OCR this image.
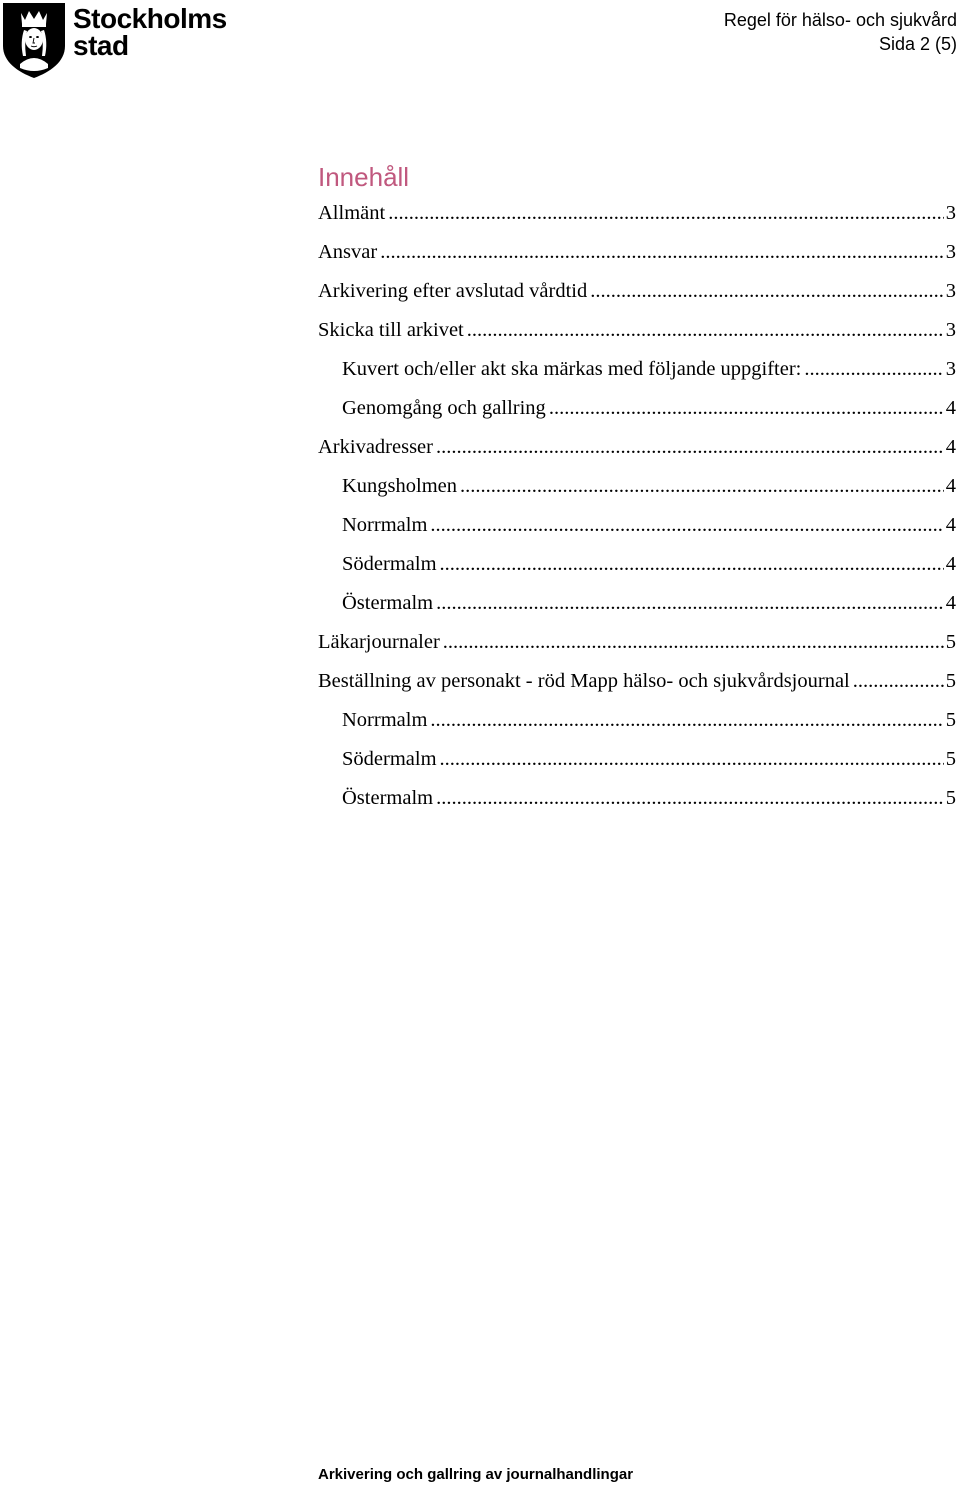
Stockholms
stad
Regel för hälso- och sjukvård
Sida 2 (5)
Innehåll
Allmänt .....	3
Ansvar .....	3
Arkivering efter avslutad vårdtid .....	3
Skicka till arkivet .....	3
Kuvert och/eller akt ska märkas med följande uppgifter: .....	3
Genomgång och gallring .....	4
Arkivadresser .....	4
Kungsholmen .....	4
Norrmalm .....	4
Södermalm .....	4
Östermalm .....	4
Läkarjournaler .....	5
Beställning av personakt - röd Mapp hälso- och sjukvårdsjournal .....	5
Norrmalm .....	5
Södermalm .....	5
Östermalm .....	5
Arkivering och gallring av journalhandlingar
